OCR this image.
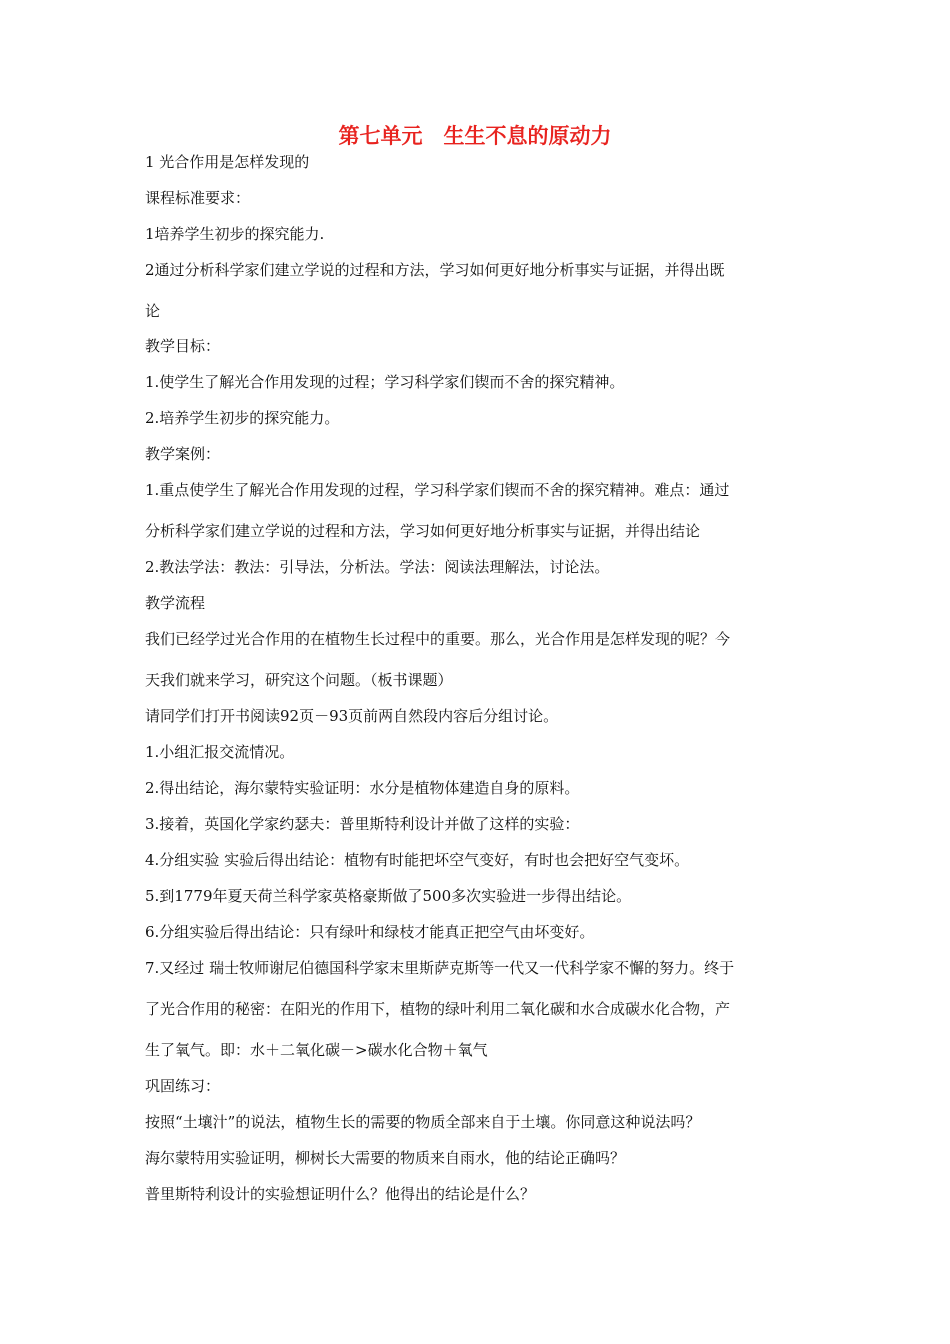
第七单元　生生不息的原动力
1 光合作用是怎样发现的
课程标准要求：
1培养学生初步的探究能力.
2通过分析科学家们建立学说的过程和方法，学习如何更好地分析事实与证据，并得出既
论
教学目标：
1.使学生了解光合作用发现的过程；学习科学家们锲而不舍的探究精神。
2.培养学生初步的探究能力。
教学案例：
1.重点使学生了解光合作用发现的过程，学习科学家们锲而不舍的探究精神。难点：通过
分析科学家们建立学说的过程和方法，学习如何更好地分析事实与证据，并得出结论
2.教法学法：教法：引导法，分析法。学法：阅读法理解法，讨论法。
教学流程
我们已经学过光合作用的在植物生长过程中的重要。那么，光合作用是怎样发现的呢？今
天我们就来学习，研究这个问题。（板书课题）
请同学们打开书阅读92页－93页前两自然段内容后分组讨论。
1.小组汇报交流情况。
2.得出结论，海尔蒙特实验证明：水分是植物体建造自身的原料。
3.接着，英国化学家约瑟夫：普里斯特利设计并做了这样的实验：
4.分组实验 实验后得出结论：植物有时能把坏空气变好，有时也会把好空气变坏。
5.到1779年夏天荷兰科学家英格豪斯做了500多次实验进一步得出结论。
6.分组实验后得出结论：只有绿叶和绿枝才能真正把空气由坏变好。
7.又经过 瑞士牧师谢尼伯德国科学家末里斯萨克斯等一代又一代科学家不懈的努力。终于
了光合作用的秘密：在阳光的作用下，植物的绿叶利用二氧化碳和水合成碳水化合物，产
生了氧气。即：水＋二氧化碳－>碳水化合物＋氧气
巩固练习：
按照“土壤汁”的说法，植物生长的需要的物质全部来自于土壤。你同意这种说法吗？
海尔蒙特用实验证明，柳树长大需要的物质来自雨水，他的结论正确吗？
普里斯特利设计的实验想证明什么？他得出的结论是什么？
